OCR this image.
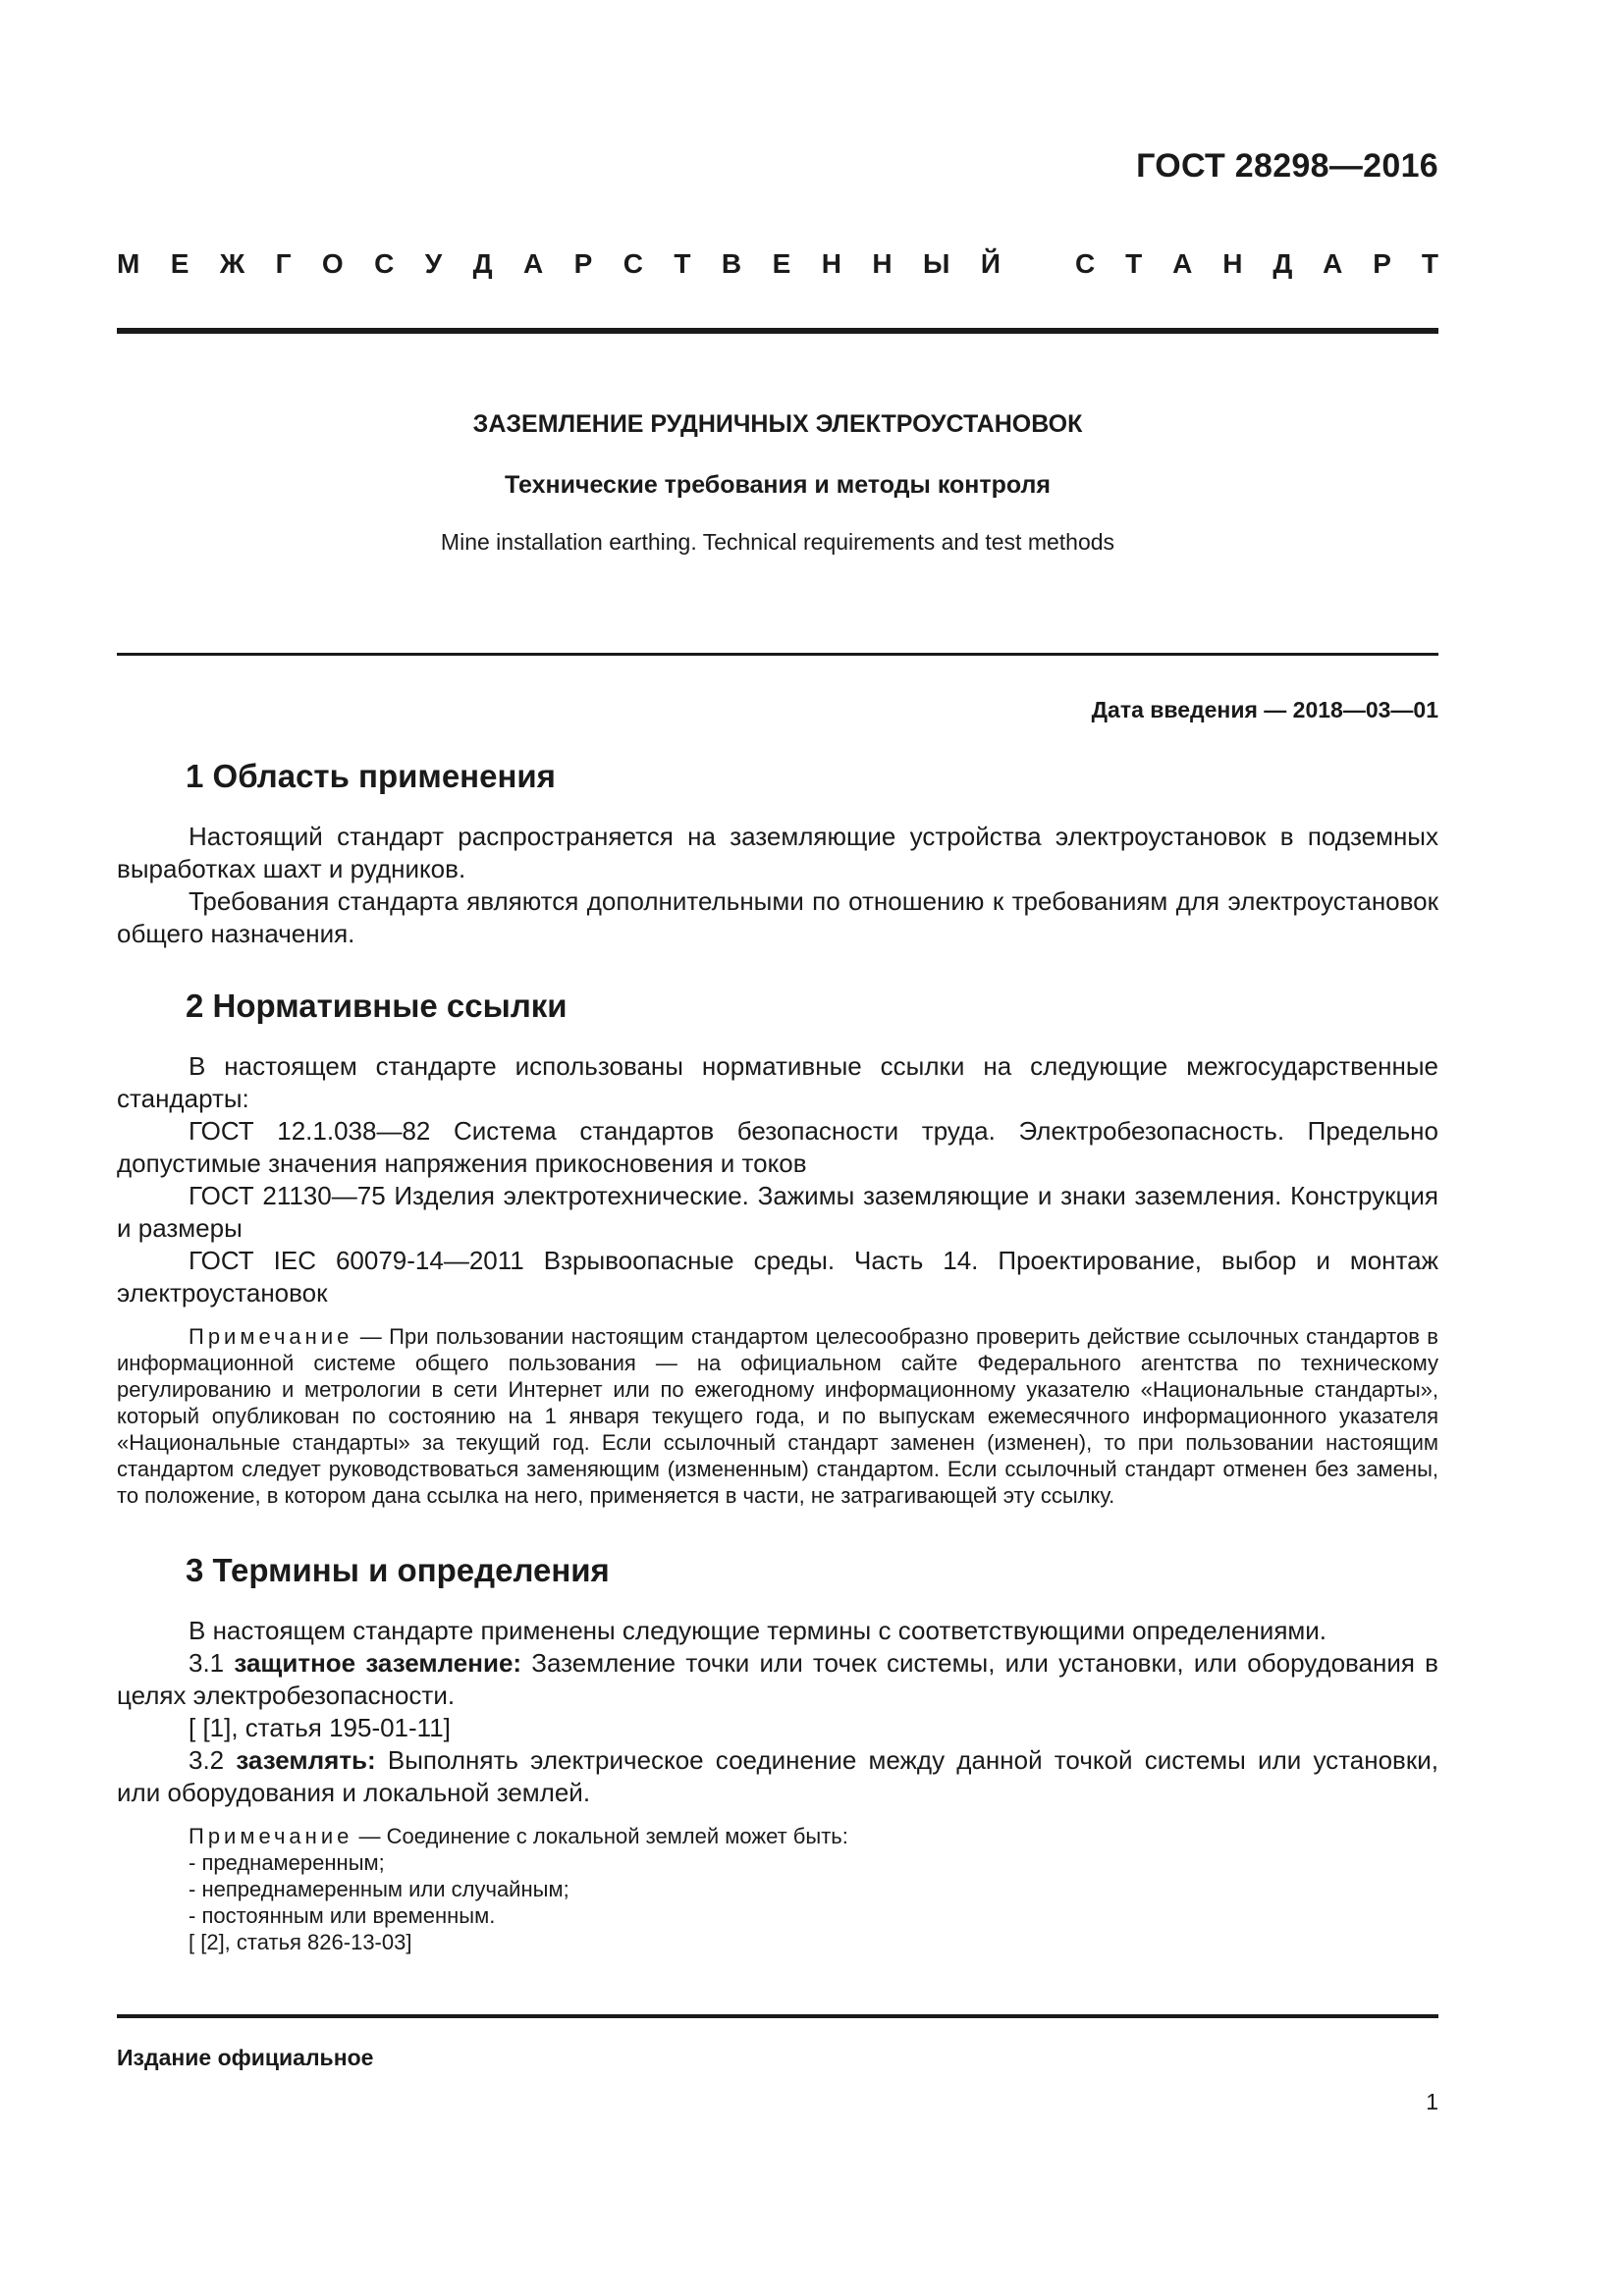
ГОСТ 28298—2016
М Е Ж Г О С У Д А Р С Т В Е Н Н Ы Й	С Т А Н Д А Р Т

ЗАЗЕМЛЕНИЕ РУДНИЧНЫХ ЭЛЕКТРОУСТАНОВОК

Технические требования и методы контроля

Mine installation earthing. Technical requirements and test methods

Дата введения — 2018—03—01
1 Область применения

Настоящий стандарт распространяется на заземляющие устройства электроустановок в подземных выработках шахт и рудников.

Требования стандарта являются дополнительными по отношению к требованиям для электроустановок общего назначения.

2 Нормативные ссылки

В настоящем стандарте использованы нормативные ссылки на следующие межгосударственные стандарты:

ГОСТ 12.1.038—82 Система стандартов безопасности труда. Электробезопасность. Предельно допустимые значения напряжения прикосновения и токов

ГОСТ 21130—75 Изделия электротехнические. Зажимы заземляющие и знаки заземления. Конструкция и размеры

ГОСТ IEC 60079-14—2011 Взрывоопасные среды. Часть 14. Проектирование, выбор и монтаж электроустановок

Примечание — При пользовании настоящим стандартом целесообразно проверить действие ссылочных стандартов в информационной системе общего пользования — на официальном сайте Федерального агентства по техническому регулированию и метрологии в сети Интернет или по ежегодному информационному указателю «Национальные стандарты», который опубликован по состоянию на 1 января текущего года, и по выпускам ежемесячного информационного указателя «Национальные стандарты» за текущий год. Если ссылочный стандарт заменен (изменен), то при пользовании настоящим стандартом следует руководствоваться заменяющим (измененным) стандартом. Если ссылочный стандарт отменен без замены, то положение, в котором дана ссылка на него, применяется в части, не затрагивающей эту ссылку.

3 Термины и определения

В настоящем стандарте применены следующие термины с соответствующими определениями.

3.1 защитное заземление: Заземление точки или точек системы, или установки, или оборудования в целях электробезопасности.

[ [1], статья 195-01-11]

3.2 заземлять: Выполнять электрическое соединение между данной точкой системы или установки, или оборудования и локальной землей.

Примечание — Соединение с локальной землей может быть:

- преднамеренным;
- непреднамеренным или случайным;
- постоянным или временным.
[ [2], статья 826-13-03]
Издание официальное
1
